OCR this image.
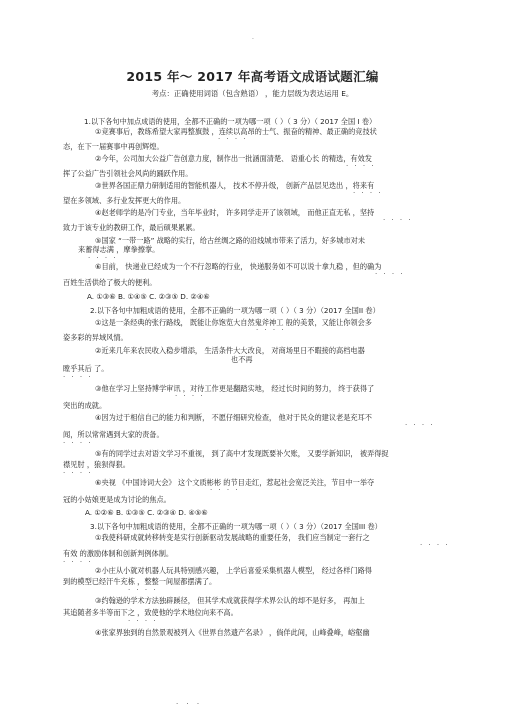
·
2015 年～ 2017 年高考语文成语试题汇编
考点：正确使用词语（包含熟语） ，能力层级为表达运用 E。
1.以下各句中加点成语的使用，全都不正确的一项为哪一项（ ）（ 3 分）（ 2017 全国 I 卷）
①竞赛事后，教练希望大家再整旗鼓 ，连续以高昂的士气、振奋的精神、最正确的竞技状
· · · ·
态，在下一届赛事中再创辉煌。
②今年，公司加大公益广告创意力度，制作出一批涵面清楚、 语重心长 的精选，有效发
· · · ·
挥了公益广告引领社会风尚的踊跃作用。
③世界各国正鼎力研制适用的智能机器人， 技术不停升级， 创新产品层见迭出 ，将来有
· · · ·
望在多领域、多行业发挥更大的作用。
④赵老师学的是冷门专业，当年毕业时， 许多同学走开了该领域， 而他正直无私 ，坚持
· · · ·
致力于该专业的教研工作，最后硕果累累。
⑤国家 “一带一路” 战略的实行，给古丝绸之路的沿线城市带来了活力，好多城市对未
来蓄得志满 ，摩拳擦掌。
· · · ·
⑥目前， 快递业已经成为一个不行忽略的行业， 快递服务如不可以说十拿九稳 ，但的确为
· · · ·
百姓生活供给了极大的便利。
A. ①③⑥ B. ①④⑤ C. ②③⑤ D. ②④⑥
2.以下各句中加粗成语的使用，全都不正确的一项为哪一项（ ）（ 3 分）（2017 全国II 卷）
①这是一条经典的张行路线， 既能让你饱览大自然鬼斧神工 般的美景，又能让你领会多
· · · ·
姿多彩的异域风情。
②近来几年来农民收入稳步增添， 生活条件大大改良， 对商场里日不暇接的高档电器
也不再
瞠乎其后 了。
· · · ·
③他在学习上坚持博学审讯 ，对待工作更是翻踏实地， 经过长时间的努力， 终于获得了
· · · ·
突出的成就。
④因为过于相信自己的能力和判断， 不愿仔细研究检查， 他对于民众的建议老是充耳不
· · · ·
闻，所以常常遇到大家的责备。
· · · ·
⑤有的同学过去对语文学习不重视， 到了高中才发现既要补欠账， 又要学新知识， 被弄得捉
襟见肘 ，狼狈得狠。
· · · ·
⑥央视 《中国诗词大会》 这个文质彬彬 的节目走红，惹起社会宽泛关注，节目中一举夺
· · · ·
冠的小姑娘更是成为讨论的焦点。
A. ①②⑥ B. ①③⑤ C. ②③④ D. ④⑤⑥
3.以下各句中加粗成语的使用，全都不正确的一项为哪一项（ ）（ 3 分）（2017 全国III 卷）
①我使科研成就转移转变是实行创新驱动发展战略的重要任务， 我们应当制定一套行之
· · · ·
有效 的激励体制和创新判例体制。
· · · ·
②小庄从小就对机器人玩具特别感兴趣， 上学后喜爱采集机器人模型， 经过各样门路得
到的模型已经汗牛充栋 ，整整一间屋都摆满了。
· · · ·
③约翰逊的学术方法独辟蹊径， 但其学术成就获得学术界公认的却不是好多， 再加上
其追随者多半等而下之 ，致使他的学术地位向来不高。
· · · ·
④张家界独到的自然景观被列入《世界自然遗产名录》 ，倘佯此间，山峰叠峰，峪壑幽
· · ·
